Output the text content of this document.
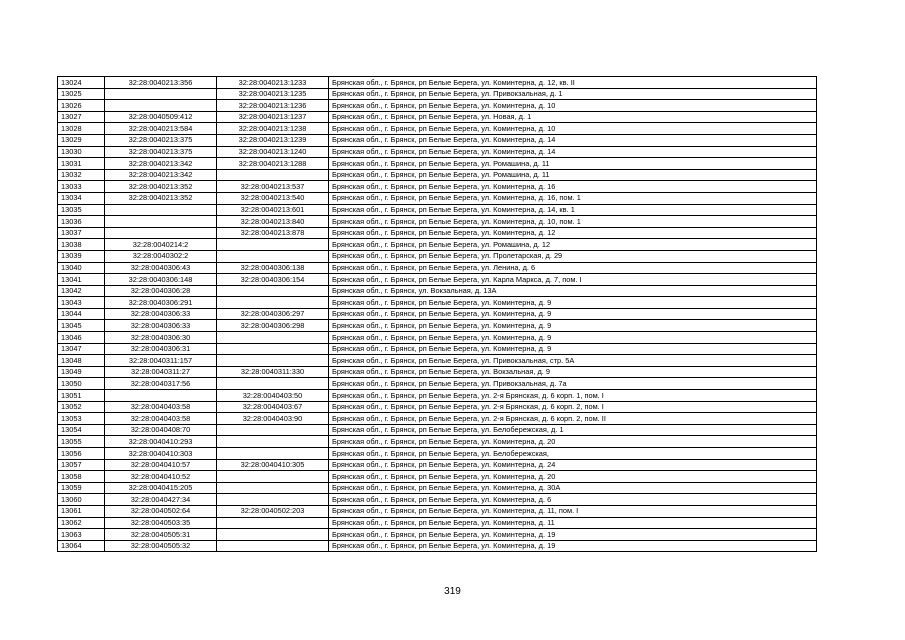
13024	32:28:0040213:356	32:28:0040213:1233	Брянская обл., г. Брянск, рп Белые Берега, ул. Коминтерна, д. 12, кв. II
13025		32:28:0040213:1235	Брянская обл., г. Брянск, рп Белые Берега, ул. Привокзальная, д. 1
13026		32:28:0040213:1236	Брянская обл., г. Брянск, рп Белые Берега, ул. Коминтерна, д. 10
13027	32:28:0040509:412	32:28:0040213:1237	Брянская обл., г. Брянск, рп Белые Берега, ул. Новая, д. 1
13028	32:28:0040213:584	32:28:0040213:1238	Брянская обл., г. Брянск, рп Белые Берега, ул. Коминтерна, д. 10
13029	32:28:0040213:375	32:28:0040213:1239	Брянская обл., г. Брянск, рп Белые Берега, ул. Коминтерна, д. 14
13030	32:28:0040213:375	32:28:0040213:1240	Брянская обл., г. Брянск, рп Белые Берега, ул. Коминтерна, д. 14
13031	32:28:0040213:342	32:28:0040213:1288	Брянская обл., г. Брянск, рп Белые Берега, ул. Ромашина, д. 11
13032	32:28:0040213:342		Брянская обл., г. Брянск, рп Белые Берега, ул. Ромашина, д. 11
13033	32:28:0040213:352	32:28:0040213:537	Брянская обл., г. Брянск, рп Белые Берега, ул. Коминтерна, д. 16
13034	32:28:0040213:352	32:28:0040213:540	Брянская обл., г. Брянск, рп Белые Берега, ул. Коминтерна, д. 16, пом. 1
13035		32:28:0040213:601	Брянская обл., г. Брянск, рп Белые Берега, ул. Коминтерна, д. 14, кв. 1
13036		32:28:0040213:840	Брянская обл., г. Брянск, рп Белые Берега, ул. Коминтерна, д. 10, пом. 1
13037		32:28:0040213:878	Брянская обл., г. Брянск, рп Белые Берега, ул. Коминтерна, д. 12
13038	32:28:0040214:2		Брянская обл., г. Брянск, рп Белые Берега, ул. Ромашина, д. 12
13039	32:28:0040302:2		Брянская обл., г. Брянск, рп Белые Берега, ул. Пролетарская, д. 29
13040	32:28:0040306:43	32:28:0040306:138	Брянская обл., г. Брянск, рп Белые Берега, ул. Ленина, д. 6
13041	32:28:0040306:148	32:28:0040306:154	Брянская обл., г. Брянск, рп Белые Берега, ул. Карла Маркса, д. 7, пом. I
13042	32:28:0040306:28		Брянская обл., г. Брянск, ул. Вокзальная, д. 13А
13043	32:28:0040306:291		Брянская обл., г. Брянск, рп Белые Берега, ул. Коминтерна, д. 9
13044	32:28:0040306:33	32:28:0040306:297	Брянская обл., г. Брянск, рп Белые Берега, ул. Коминтерна, д. 9
13045	32:28:0040306:33	32:28:0040306:298	Брянская обл., г. Брянск, рп Белые Берега, ул. Коминтерна, д. 9
13046	32:28:0040306:30		Брянская обл., г. Брянск, рп Белые Берега, ул. Коминтерна, д. 9
13047	32:28:0040306:31		Брянская обл., г. Брянск, рп Белые Берега, ул. Коминтерна, д. 9
13048	32:28:0040311:157		Брянская обл., г. Брянск, рп Белые Берега, ул. Привокзальная, стр. 5А
13049	32:28:0040311:27	32:28:0040311:330	Брянская обл., г. Брянск, рп Белые Берега, ул. Вокзальная, д. 9
13050	32:28:0040317:56		Брянская обл., г. Брянск, рп Белые Берега, ул. Привокзальная, д. 7а
13051		32:28:0040403:50	Брянская обл., г. Брянск, рп Белые Берега, ул. 2-я Брянская, д. 6 корп. 1, пом. I
13052	32:28:0040403:58	32:28:0040403:67	Брянская обл., г. Брянск, рп Белые Берега, ул. 2-я Брянская, д. 6 корп. 2, пом. I
13053	32:28:0040403:58	32:28:0040403:90	Брянская обл., г. Брянск, рп Белые Берега, ул. 2-я Брянская, д. 6 корп. 2, пом. II
13054	32:28:0040408:70		Брянская обл., г. Брянск, рп Белые Берега, ул. Белобережская, д. 1
13055	32:28:0040410:293		Брянская обл., г. Брянск, рп Белые Берега, ул. Коминтерна, д. 20
13056	32:28:0040410:303		Брянская обл., г. Брянск, рп Белые Берега, ул. Белобережская,
13057	32:28:0040410:57	32:28:0040410:305	Брянская обл., г. Брянск, рп Белые Берега, ул. Коминтерна, д. 24
13058	32:28:0040410:52		Брянская обл., г. Брянск, рп Белые Берега, ул. Коминтерна, д. 20
13059	32:28:0040415:205		Брянская обл., г. Брянск, рп Белые Берега, ул. Коминтерна, д. 30А
13060	32:28:0040427:34		Брянская обл., г. Брянск, рп Белые Берега, ул. Коминтерна, д. 6
13061	32:28:0040502:64	32:28:0040502:203	Брянская обл., г. Брянск, рп Белые Берега, ул. Коминтерна, д. 11, пом. I
13062	32:28:0040503:35		Брянская обл., г. Брянск, рп Белые Берега, ул. Коминтерна, д. 11
13063	32:28:0040505:31		Брянская обл., г. Брянск, рп Белые Берега, ул. Коминтерна, д. 19
13064	32:28:0040505:32		Брянская обл., г. Брянск, рп Белые Берега, ул. Коминтерна, д. 19
319
